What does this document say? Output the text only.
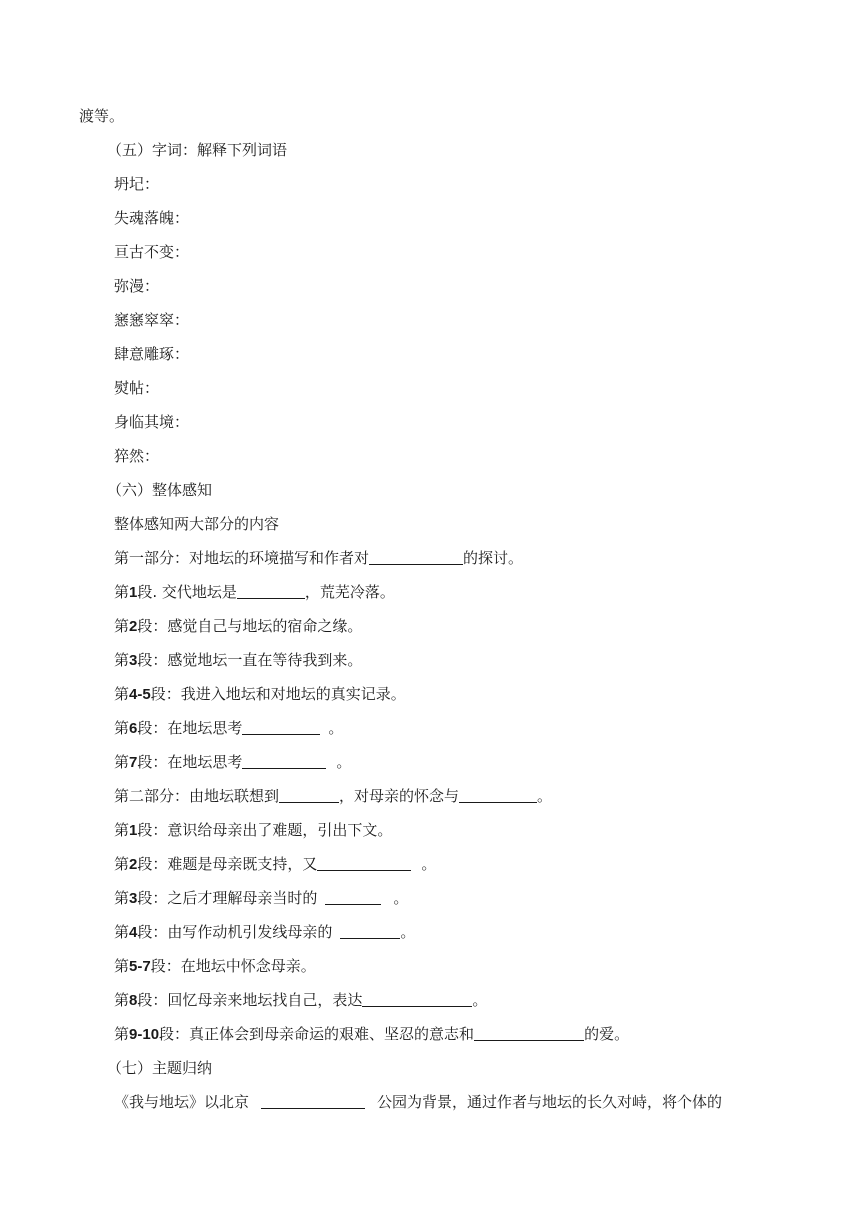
渡等。
（五）字词：解释下列词语
坍圮：
失魂落魄：
亘古不变：
弥漫：
窸窸窣窣：
肆意雕琢：
熨帖：
身临其境：
猝然：
（六）整体感知
整体感知两大部分的内容
第一部分：对地坛的环境描写和作者对	的探讨。
第1段. 交代地坛是	，荒芜冷落。
第2段：感觉自己与地坛的宿命之缘。
第3段：感觉地坛一直在等待我到来。
第4-5段：我进入地坛和对地坛的真实记录。
第6段：在地坛思考	。
第7段：在地坛思考	。
第二部分：由地坛联想到	，对母亲的怀念与	。
第1段：意识给母亲出了难题，引出下文。
第2段：难题是母亲既支持，又	。
第3段：之后才理解母亲当时的	。
第4段：由写作动机引发线母亲的	。
第5-7段：在地坛中怀念母亲。
第8段：回忆母亲来地坛找自己，表达	。
第9-10段：真正体会到母亲命运的艰难、坚忍的意志和	的爱。
（七）主题归纳
《我与地坛》以北京	公园为背景，通过作者与地坛的长久对峙，将个体的
